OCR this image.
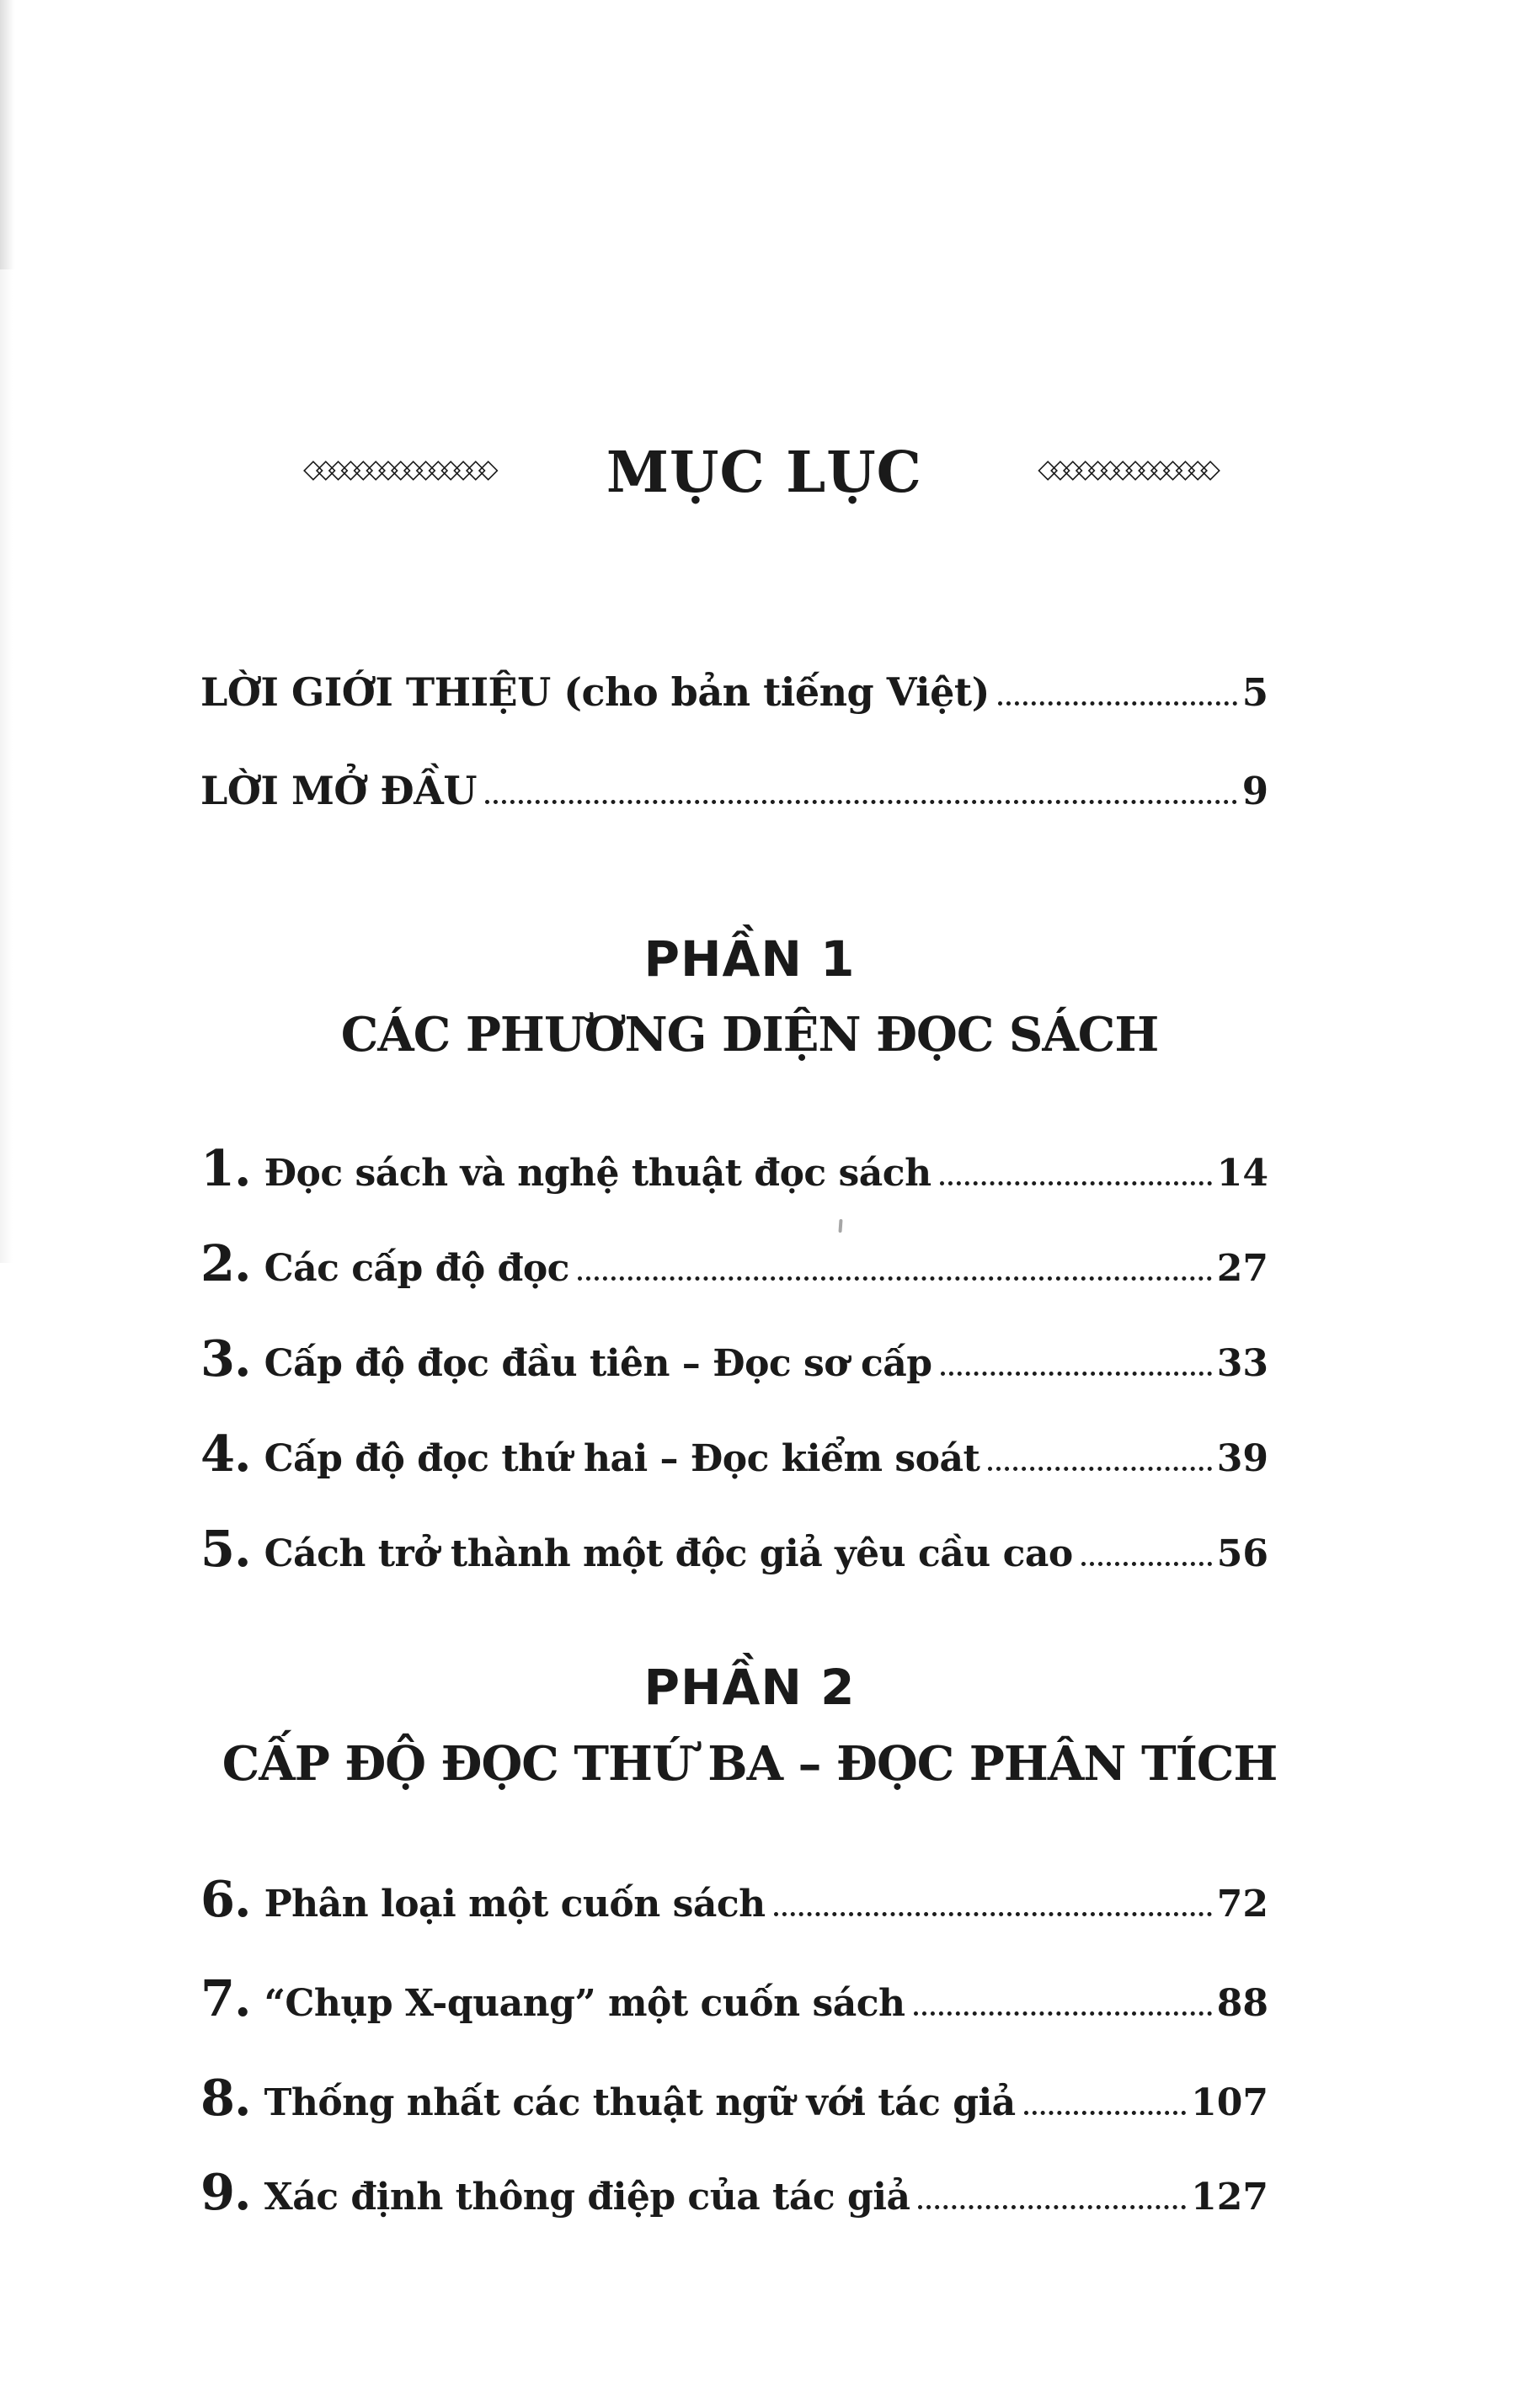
◇◇◇◇◇◇◇◇◇◇◇◇◇◇◇ MỤC LỤC	◇◇◇◇◇◇◇◇◇◇◇◇◇◇
LỜI GIỚI THIỆU (cho bản tiếng Việt)	5
LỜI MỞ ĐẦU	9
PHẦN 1
CÁC PHƯƠNG DIỆN ĐỌC SÁCH
1. Đọc sách và nghệ thuật đọc sách	14
2. Các cấp độ đọc	27
3. Cấp độ đọc đầu tiên – Đọc sơ cấp	33
4. Cấp độ đọc thứ hai – Đọc kiểm soát	39
5. Cách trở thành một độc giả yêu cầu cao	56
PHẦN 2
CẤP ĐỘ ĐỌC THỨ BA – ĐỌC PHÂN TÍCH
6. Phân loại một cuốn sách	72
7. “Chụp X-quang” một cuốn sách	88
8. Thống nhất các thuật ngữ với tác giả	107
9. Xác định thông điệp của tác giả	127
